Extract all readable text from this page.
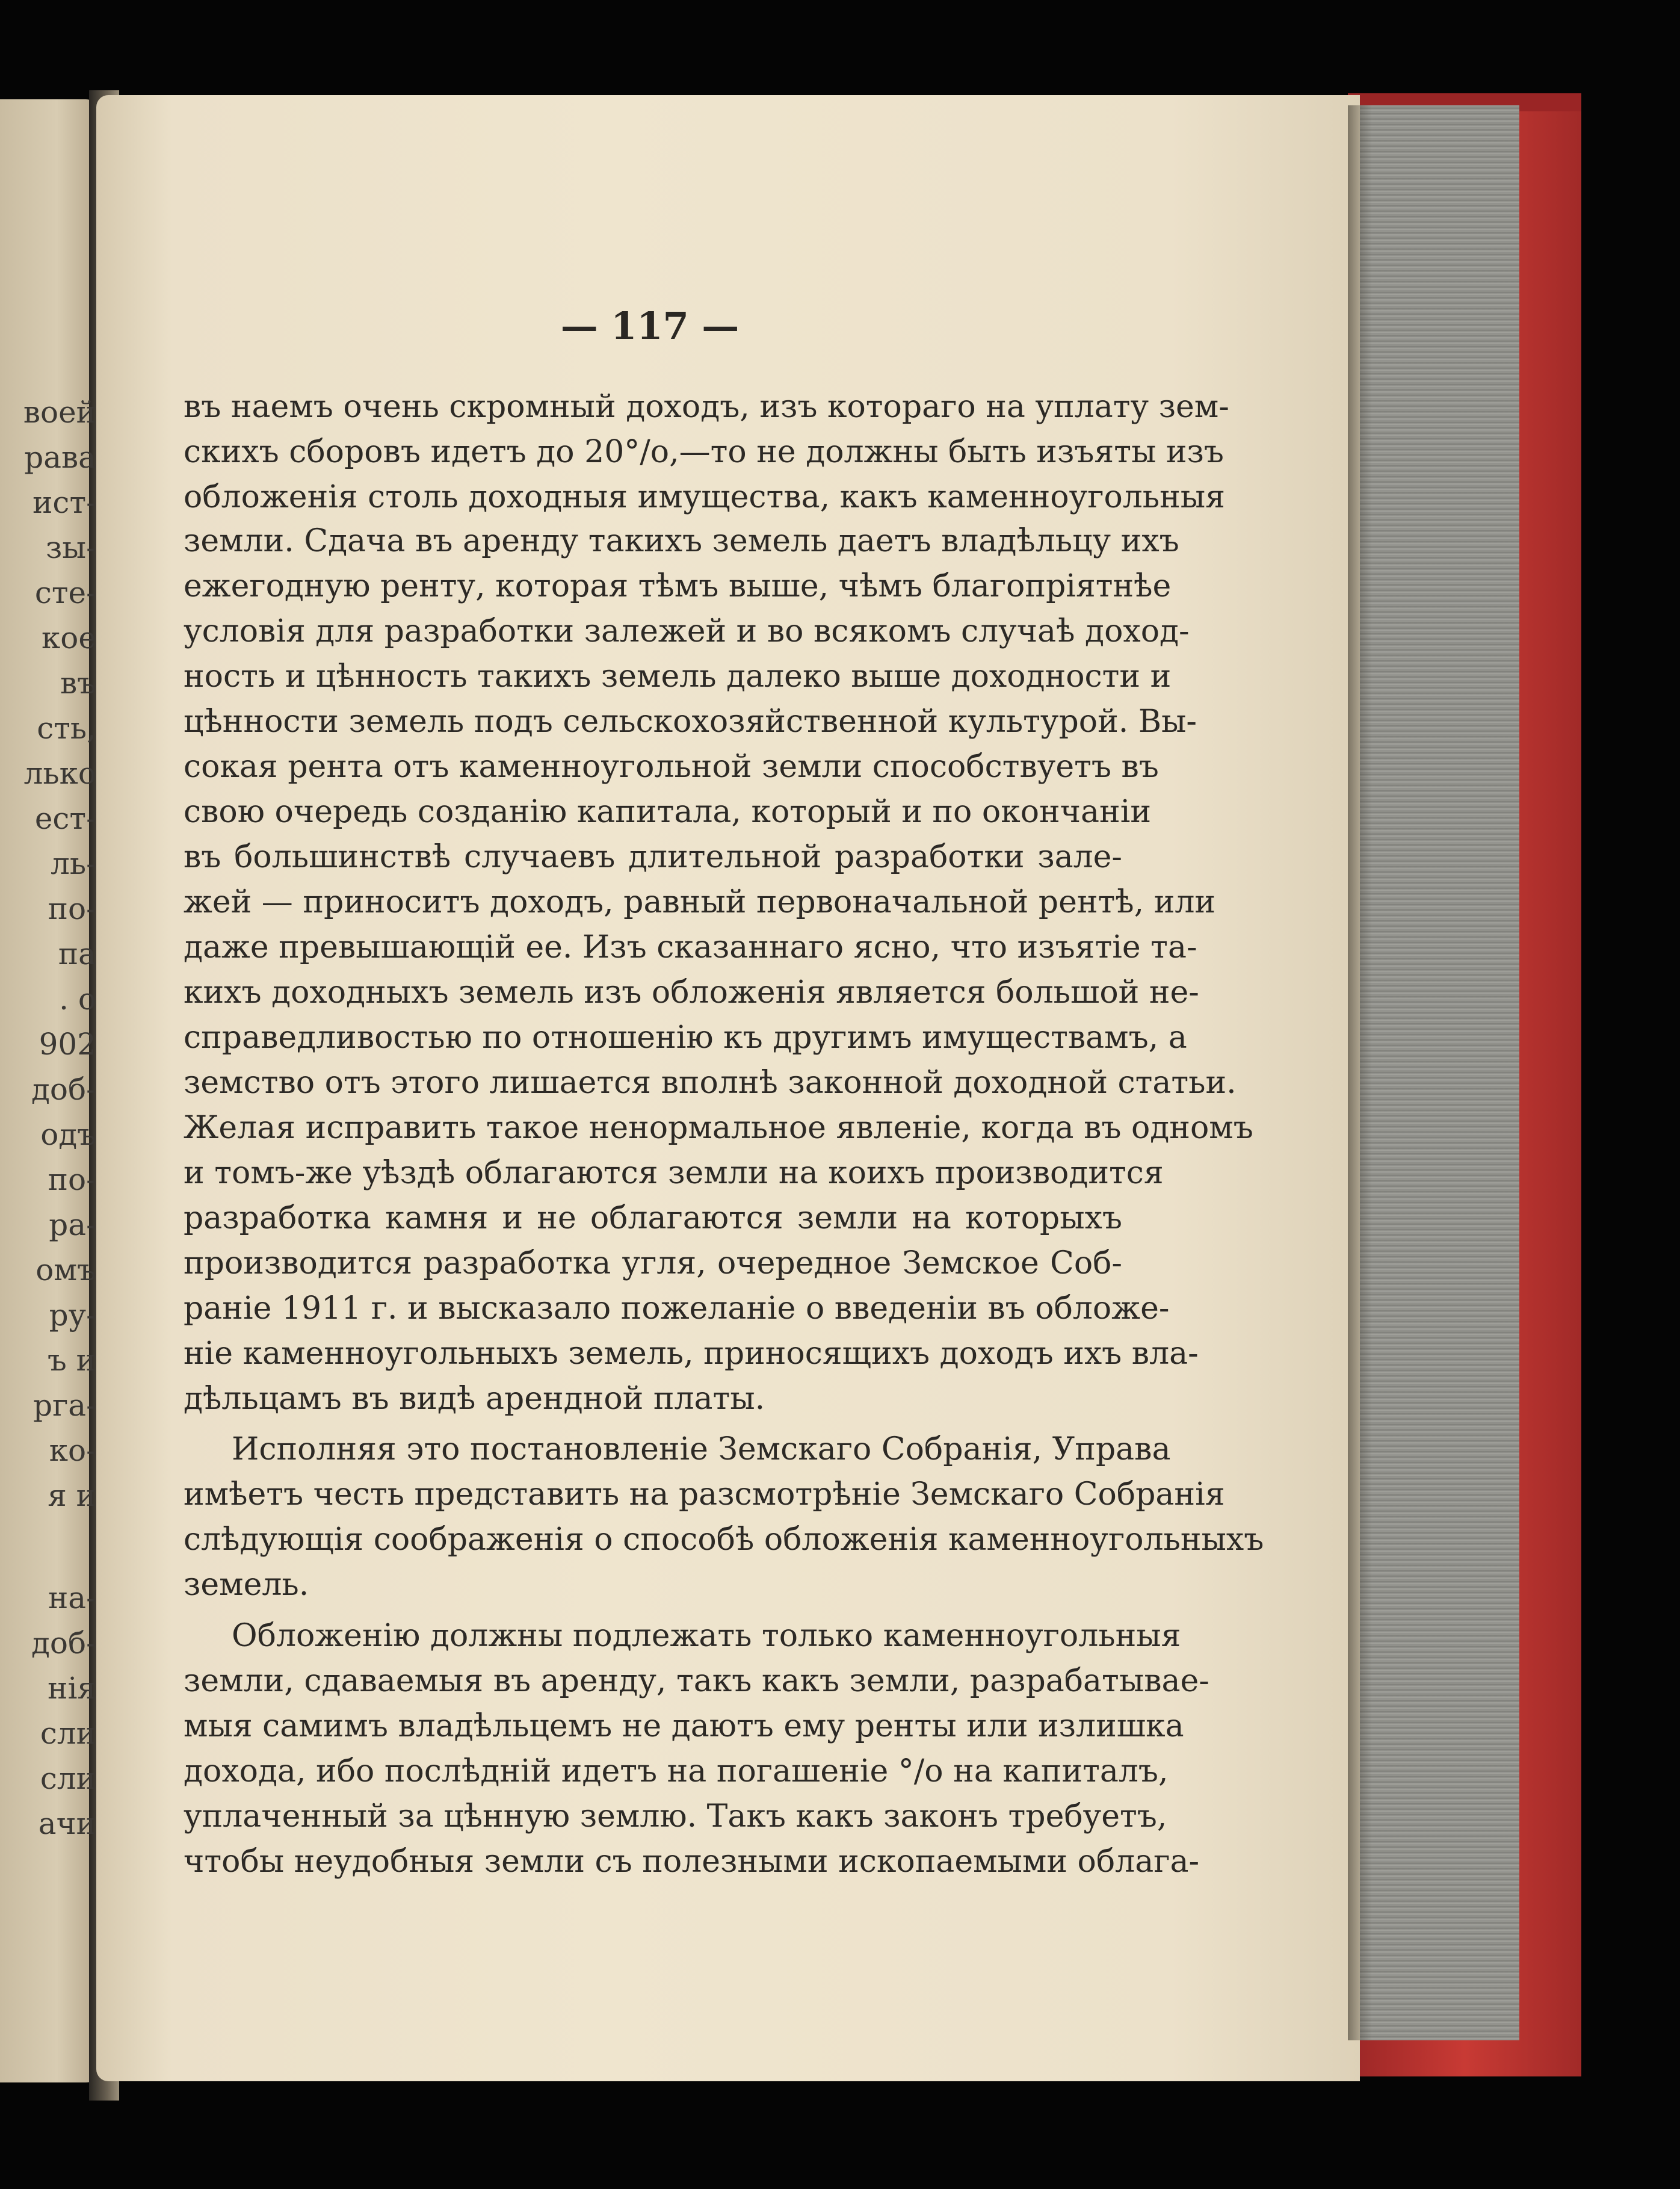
воей
рава
ист-
зы-
сте-
кое
въ
сть,
лько
ест-
ль-
по-
па
. о
902
доб-
одъ
по-
ра-
омъ
ру-
ъ и
рга-
ко-
я и
на-
доб-
нія
сли
сли
ачи
— 117 —
въ наемъ очень скромный доходъ, изъ котораго на уплату зем-
скихъ сборовъ идетъ до 20°/о,—то не должны быть изъяты изъ
обложенія столь доходныя имущества, какъ каменноугольныя
земли. Сдача въ аренду такихъ земель даетъ владѣльцу ихъ
ежегодную ренту, которая тѣмъ выше, чѣмъ благопріятнѣе
условія для разработки залежей и во всякомъ случаѣ доход-
ность и цѣнность такихъ земель далеко выше доходности и
цѣнности земель подъ сельскохозяйственной культурой. Вы-
сокая рента отъ каменноугольной земли способствуетъ въ
свою очередь созданію капитала, который и по окончаніи
въ большинствѣ случаевъ длительной разработки зале-
жей — приноситъ доходъ, равный первоначальной рентѣ, или
даже превышающій ее. Изъ сказаннаго ясно, что изъятіе та-
кихъ доходныхъ земель изъ обложенія является большой не-
справедливостью по отношенію къ другимъ имуществамъ, а
земство отъ этого лишается вполнѣ законной доходной статьи.
Желая исправить такое ненормальное явленіе, когда въ одномъ
и томъ-же уѣздѣ облагаются земли на коихъ производится
разработка камня и не облагаются земли на которыхъ
производится разработка угля, очередное Земское Соб-
раніе 1911 г. и высказало пожеланіе о введеніи въ обложе-
ніе каменноугольныхъ земель, приносящихъ доходъ ихъ вла-
дѣльцамъ въ видѣ арендной платы.
Исполняя это постановленіе Земскаго Собранія, Управа
имѣетъ честь представить на разсмотрѣніе Земскаго Собранія
слѣдующія соображенія о способѣ обложенія каменноугольныхъ
земель.
Обложенію должны подлежать только каменноугольныя
земли, сдаваемыя въ аренду, такъ какъ земли, разрабатывае-
мыя самимъ владѣльцемъ не даютъ ему ренты или излишка
дохода, ибо послѣдній идетъ на погашеніе °/о на капиталъ,
уплаченный за цѣнную землю. Такъ какъ законъ требуетъ,
чтобы неудобныя земли съ полезными ископаемыми облага-
